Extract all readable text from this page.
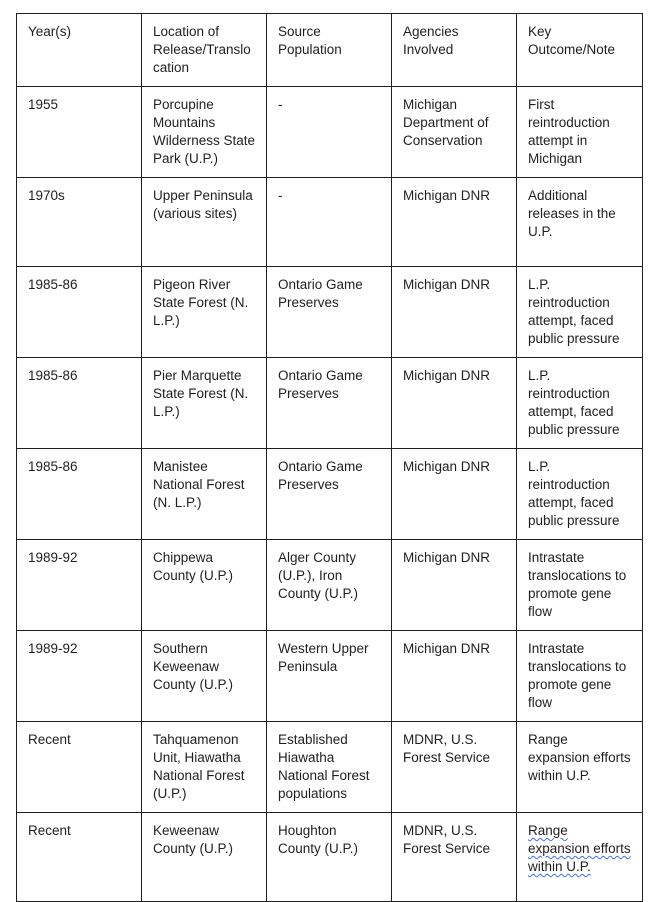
Year(s)	Location of Release/Translocation	Source Population	Agencies Involved	Key Outcome/Note
1955	Porcupine Mountains Wilderness State Park (U.P.)	-	Michigan Department of Conservation	First reintroduction attempt in Michigan
1970s	Upper Peninsula (various sites)	-	Michigan DNR	Additional releases in the U.P.
1985-86	Pigeon River State Forest (N. L.P.)	Ontario Game Preserves	Michigan DNR	L.P. reintroduction attempt, faced public pressure
1985-86	Pier Marquette State Forest (N. L.P.)	Ontario Game Preserves	Michigan DNR	L.P. reintroduction attempt, faced public pressure
1985-86	Manistee National Forest (N. L.P.)	Ontario Game Preserves	Michigan DNR	L.P. reintroduction attempt, faced public pressure
1989-92	Chippewa County (U.P.)	Alger County (U.P.), Iron County (U.P.)	Michigan DNR	Intrastate translocations to promote gene flow
1989-92	Southern Keweenaw County (U.P.)	Western Upper Peninsula	Michigan DNR	Intrastate translocations to promote gene flow
Recent	Tahquamenon Unit, Hiawatha National Forest (U.P.)	Established Hiawatha National Forest populations	MDNR, U.S. Forest Service	Range expansion efforts within U.P.
Recent	Keweenaw County (U.P.)	Houghton County (U.P.)	MDNR, U.S. Forest Service	Range expansion efforts within U.P.
